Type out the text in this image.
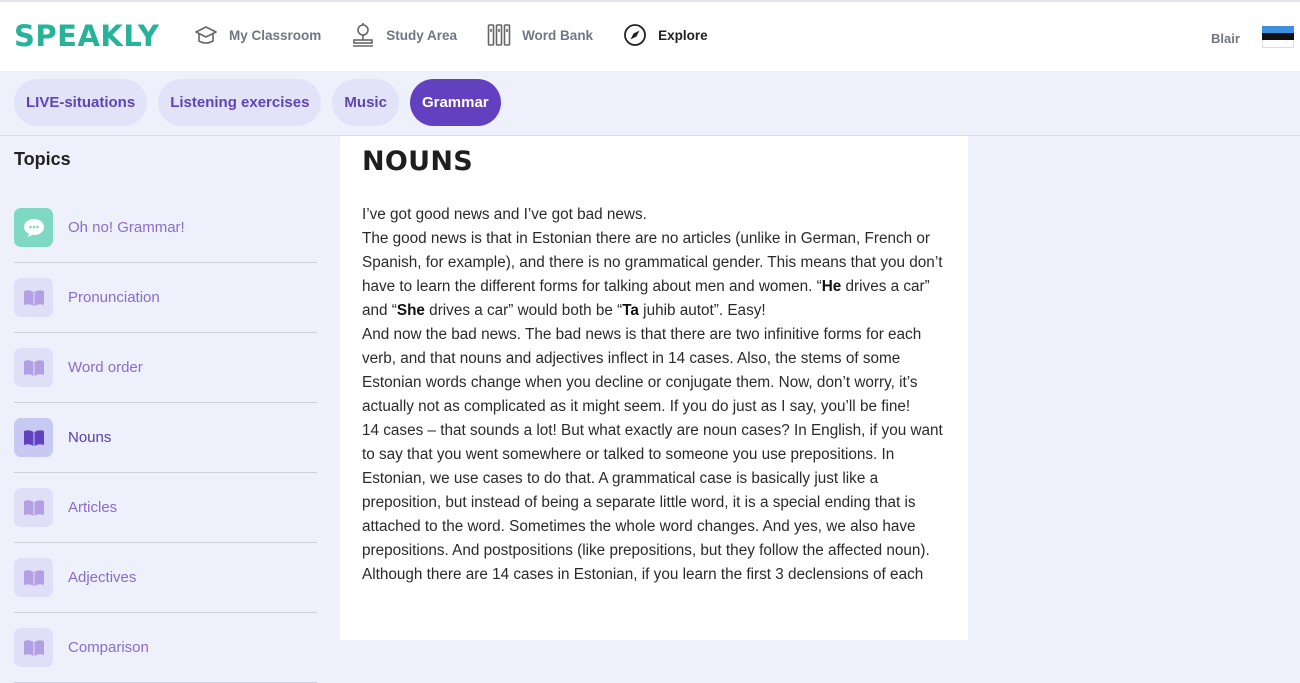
SPEAKLY	My Classroom	Study Area	Word Bank	Explore	Blair
LIVE-situations	Listening exercises	Music	Grammar
Topics
Oh no! Grammar!
Pronunciation
Word order
Nouns
Articles
Adjectives
Comparison
NOUNS

I’ve got good news and I’ve got bad news.

The good news is that in Estonian there are no articles (unlike in German, French or Spanish, for example), and there is no grammatical gender. This means that you don’t have to learn the different forms for talking about men and women. “He drives a car” and “She drives a car” would both be “Ta juhib autot”. Easy!

And now the bad news. The bad news is that there are two infinitive forms for each verb, and that nouns and adjectives inflect in 14 cases. Also, the stems of some Estonian words change when you decline or conjugate them. Now, don’t worry, it’s actually not as complicated as it might seem. If you do just as I say, you’ll be fine!

14 cases – that sounds a lot! But what exactly are noun cases? In English, if you want to say that you went somewhere or talked to someone you use prepositions. In Estonian, we use cases to do that. A grammatical case is basically just like a preposition, but instead of being a separate little word, it is a special ending that is attached to the word. Sometimes the whole word changes. And yes, we also have prepositions. And postpositions (like prepositions, but they follow the affected noun).

Although there are 14 cases in Estonian, if you learn the first 3 declensions of each
